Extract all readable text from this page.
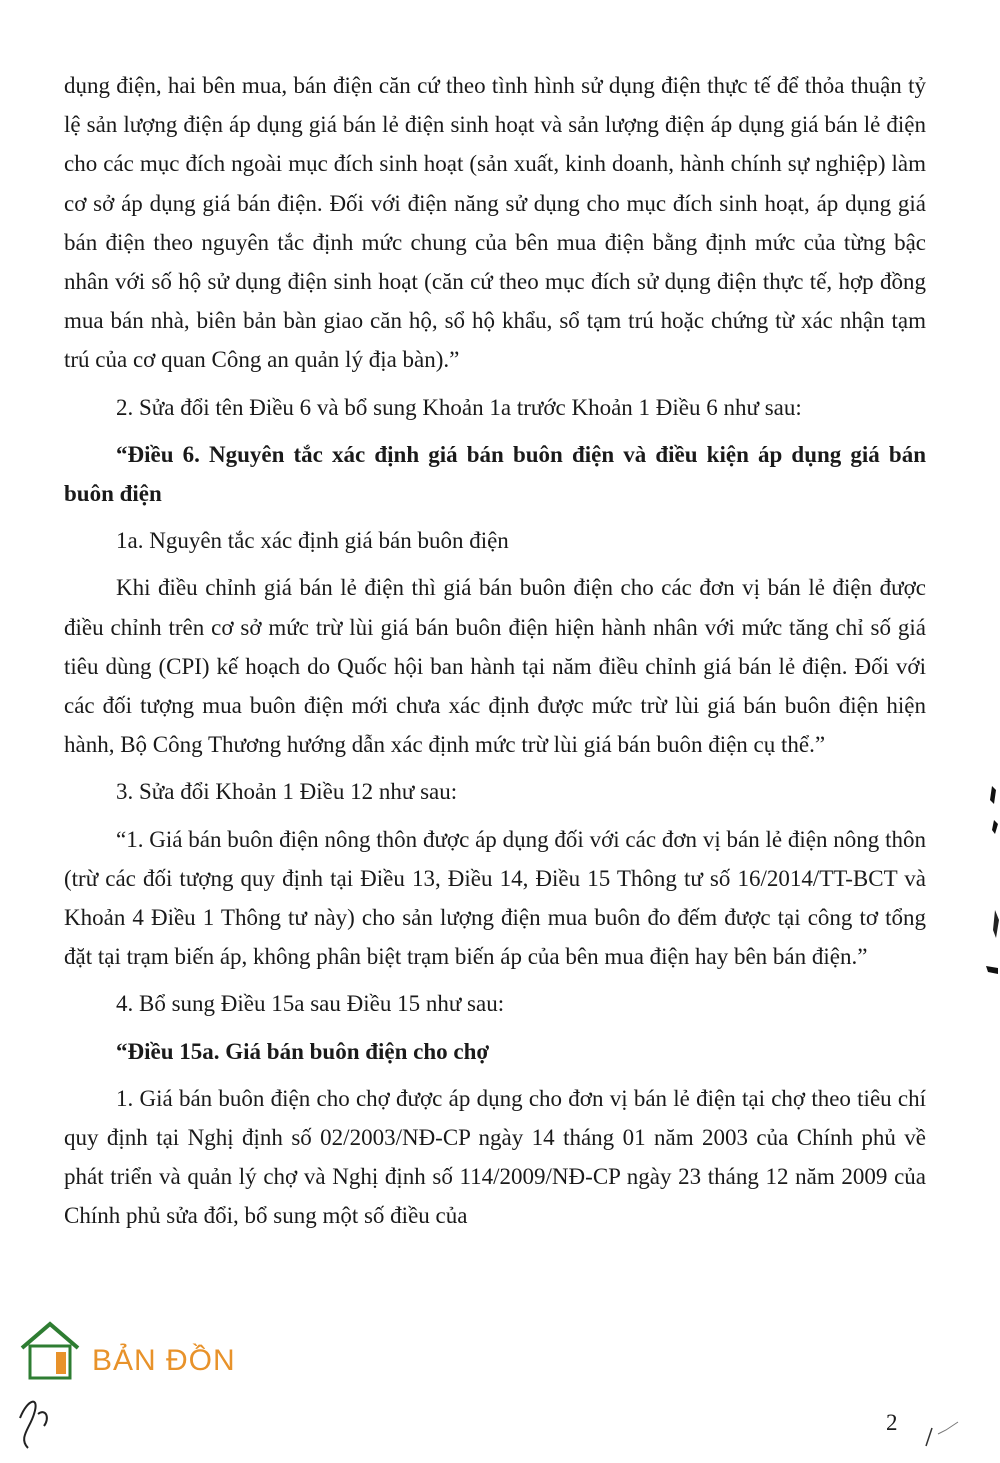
dụng điện, hai bên mua, bán điện căn cứ theo tình hình sử dụng điện thực tế để thỏa thuận tỷ lệ sản lượng điện áp dụng giá bán lẻ điện sinh hoạt và sản lượng điện áp dụng giá bán lẻ điện cho các mục đích ngoài mục đích sinh hoạt (sản xuất, kinh doanh, hành chính sự nghiệp) làm cơ sở áp dụng giá bán điện. Đối với điện năng sử dụng cho mục đích sinh hoạt, áp dụng giá bán điện theo nguyên tắc định mức chung của bên mua điện bằng định mức của từng bậc nhân với số hộ sử dụng điện sinh hoạt (căn cứ theo mục đích sử dụng điện thực tế, hợp đồng mua bán nhà, biên bản bàn giao căn hộ, sổ hộ khẩu, sổ tạm trú hoặc chứng từ xác nhận tạm trú của cơ quan Công an quản lý địa bàn).”

2. Sửa đổi tên Điều 6 và bổ sung Khoản 1a trước Khoản 1 Điều 6 như sau:

“Điều 6. Nguyên tắc xác định giá bán buôn điện và điều kiện áp dụng giá bán buôn điện

1a. Nguyên tắc xác định giá bán buôn điện

Khi điều chỉnh giá bán lẻ điện thì giá bán buôn điện cho các đơn vị bán lẻ điện được điều chỉnh trên cơ sở mức trừ lùi giá bán buôn điện hiện hành nhân với mức tăng chỉ số giá tiêu dùng (CPI) kế hoạch do Quốc hội ban hành tại năm điều chỉnh giá bán lẻ điện. Đối với các đối tượng mua buôn điện mới chưa xác định được mức trừ lùi giá bán buôn điện hiện hành, Bộ Công Thương hướng dẫn xác định mức trừ lùi giá bán buôn điện cụ thể.”

3. Sửa đổi Khoản 1 Điều 12 như sau:

“1. Giá bán buôn điện nông thôn được áp dụng đối với các đơn vị bán lẻ điện nông thôn (trừ các đối tượng quy định tại Điều 13, Điều 14, Điều 15 Thông tư số 16/2014/TT-BCT và Khoản 4 Điều 1 Thông tư này) cho sản lượng điện mua buôn đo đếm được tại công tơ tổng đặt tại trạm biến áp, không phân biệt trạm biến áp của bên mua điện hay bên bán điện.”

4. Bổ sung Điều 15a sau Điều 15 như sau:

“Điều 15a. Giá bán buôn điện cho chợ

1. Giá bán buôn điện cho chợ được áp dụng cho đơn vị bán lẻ điện tại chợ theo tiêu chí quy định tại Nghị định số 02/2003/NĐ-CP ngày 14 tháng 01 năm 2003 của Chính phủ về phát triển và quản lý chợ và Nghị định số 114/2009/NĐ-CP ngày 23 tháng 12 năm 2009 của Chính phủ sửa đổi, bổ sung một số điều của

BẢN ĐỒN
2
